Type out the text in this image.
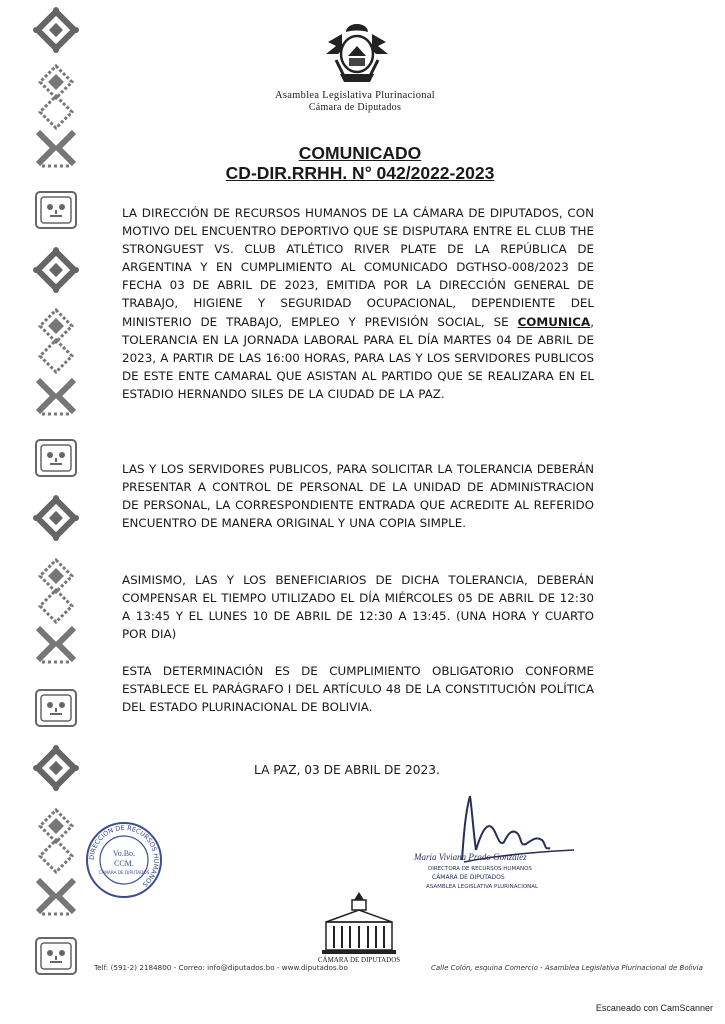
Asamblea Legislativa Plurinacional
Cámara de Diputados
COMUNICADO
CD-DIR.RRHH. N° 042/2022-2023
LA DIRECCIÓN DE RECURSOS HUMANOS DE LA CÁMARA DE DIPUTADOS, CON MOTIVO DEL ENCUENTRO DEPORTIVO QUE SE DISPUTARA ENTRE EL CLUB THE STRONGUEST VS. CLUB ATLÉTICO RIVER PLATE DE LA REPÚBLICA DE ARGENTINA Y EN CUMPLIMIENTO AL COMUNICADO DGTHSO-008/2023 DE FECHA 03 DE ABRIL DE 2023, EMITIDA POR LA DIRECCIÓN GENERAL DE TRABAJO, HIGIENE Y SEGURIDAD OCUPACIONAL, DEPENDIENTE DEL MINISTERIO DE TRABAJO, EMPLEO Y PREVISIÓN SOCIAL, SE COMUNICA, TOLERANCIA EN LA JORNADA LABORAL PARA EL DÍA MARTES 04 DE ABRIL DE 2023, A PARTIR DE LAS 16:00 HORAS, PARA LAS Y LOS SERVIDORES PUBLICOS DE ESTE ENTE CAMARAL QUE ASISTAN AL PARTIDO QUE SE REALIZARA EN EL ESTADIO HERNANDO SILES DE LA CIUDAD DE LA PAZ.
LAS Y LOS SERVIDORES PUBLICOS, PARA SOLICITAR LA TOLERANCIA DEBERÁN PRESENTAR A CONTROL DE PERSONAL DE LA UNIDAD DE ADMINISTRACION DE PERSONAL, LA CORRESPONDIENTE ENTRADA QUE ACREDITE AL REFERIDO ENCUENTRO DE MANERA ORIGINAL Y UNA COPIA SIMPLE.
ASIMISMO, LAS Y LOS BENEFICIARIOS DE DICHA TOLERANCIA, DEBERÁN COMPENSAR EL TIEMPO UTILIZADO EL DÍA MIÉRCOLES 05 DE ABRIL DE 12:30 A 13:45 Y EL LUNES 10 DE ABRIL DE 12:30 A 13:45. (UNA HORA Y CUARTO POR DIA)
ESTA DETERMINACIÓN ES DE CUMPLIMIENTO OBLIGATORIO CONFORME ESTABLECE EL PARÁGRAFO I DEL ARTÍCULO 48 DE LA CONSTITUCIÓN POLÍTICA DEL ESTADO PLURINACIONAL DE BOLIVIA.
LA PAZ, 03 DE ABRIL DE 2023.
DIRECCIÓN DE RECURSOS HUMANOS
Vo.Bo.
CCM.
CÁMARA DE DIPUTADOS
María Viviana Prado González
DIRECTORA DE RECURSOS HUMANOS
CÁMARA DE DIPUTADOS
ASAMBLEA LEGISLATIVA PLURINACIONAL
CÁMARA DE DIPUTADOS
Telf: (591-2) 2184800 - Correo: info@diputados.bo - www.diputados.bo	Calle Colón, esquina Comercio - Asamblea Legislativa Plurinacional de Bolivia
Escaneado con CamScanner
